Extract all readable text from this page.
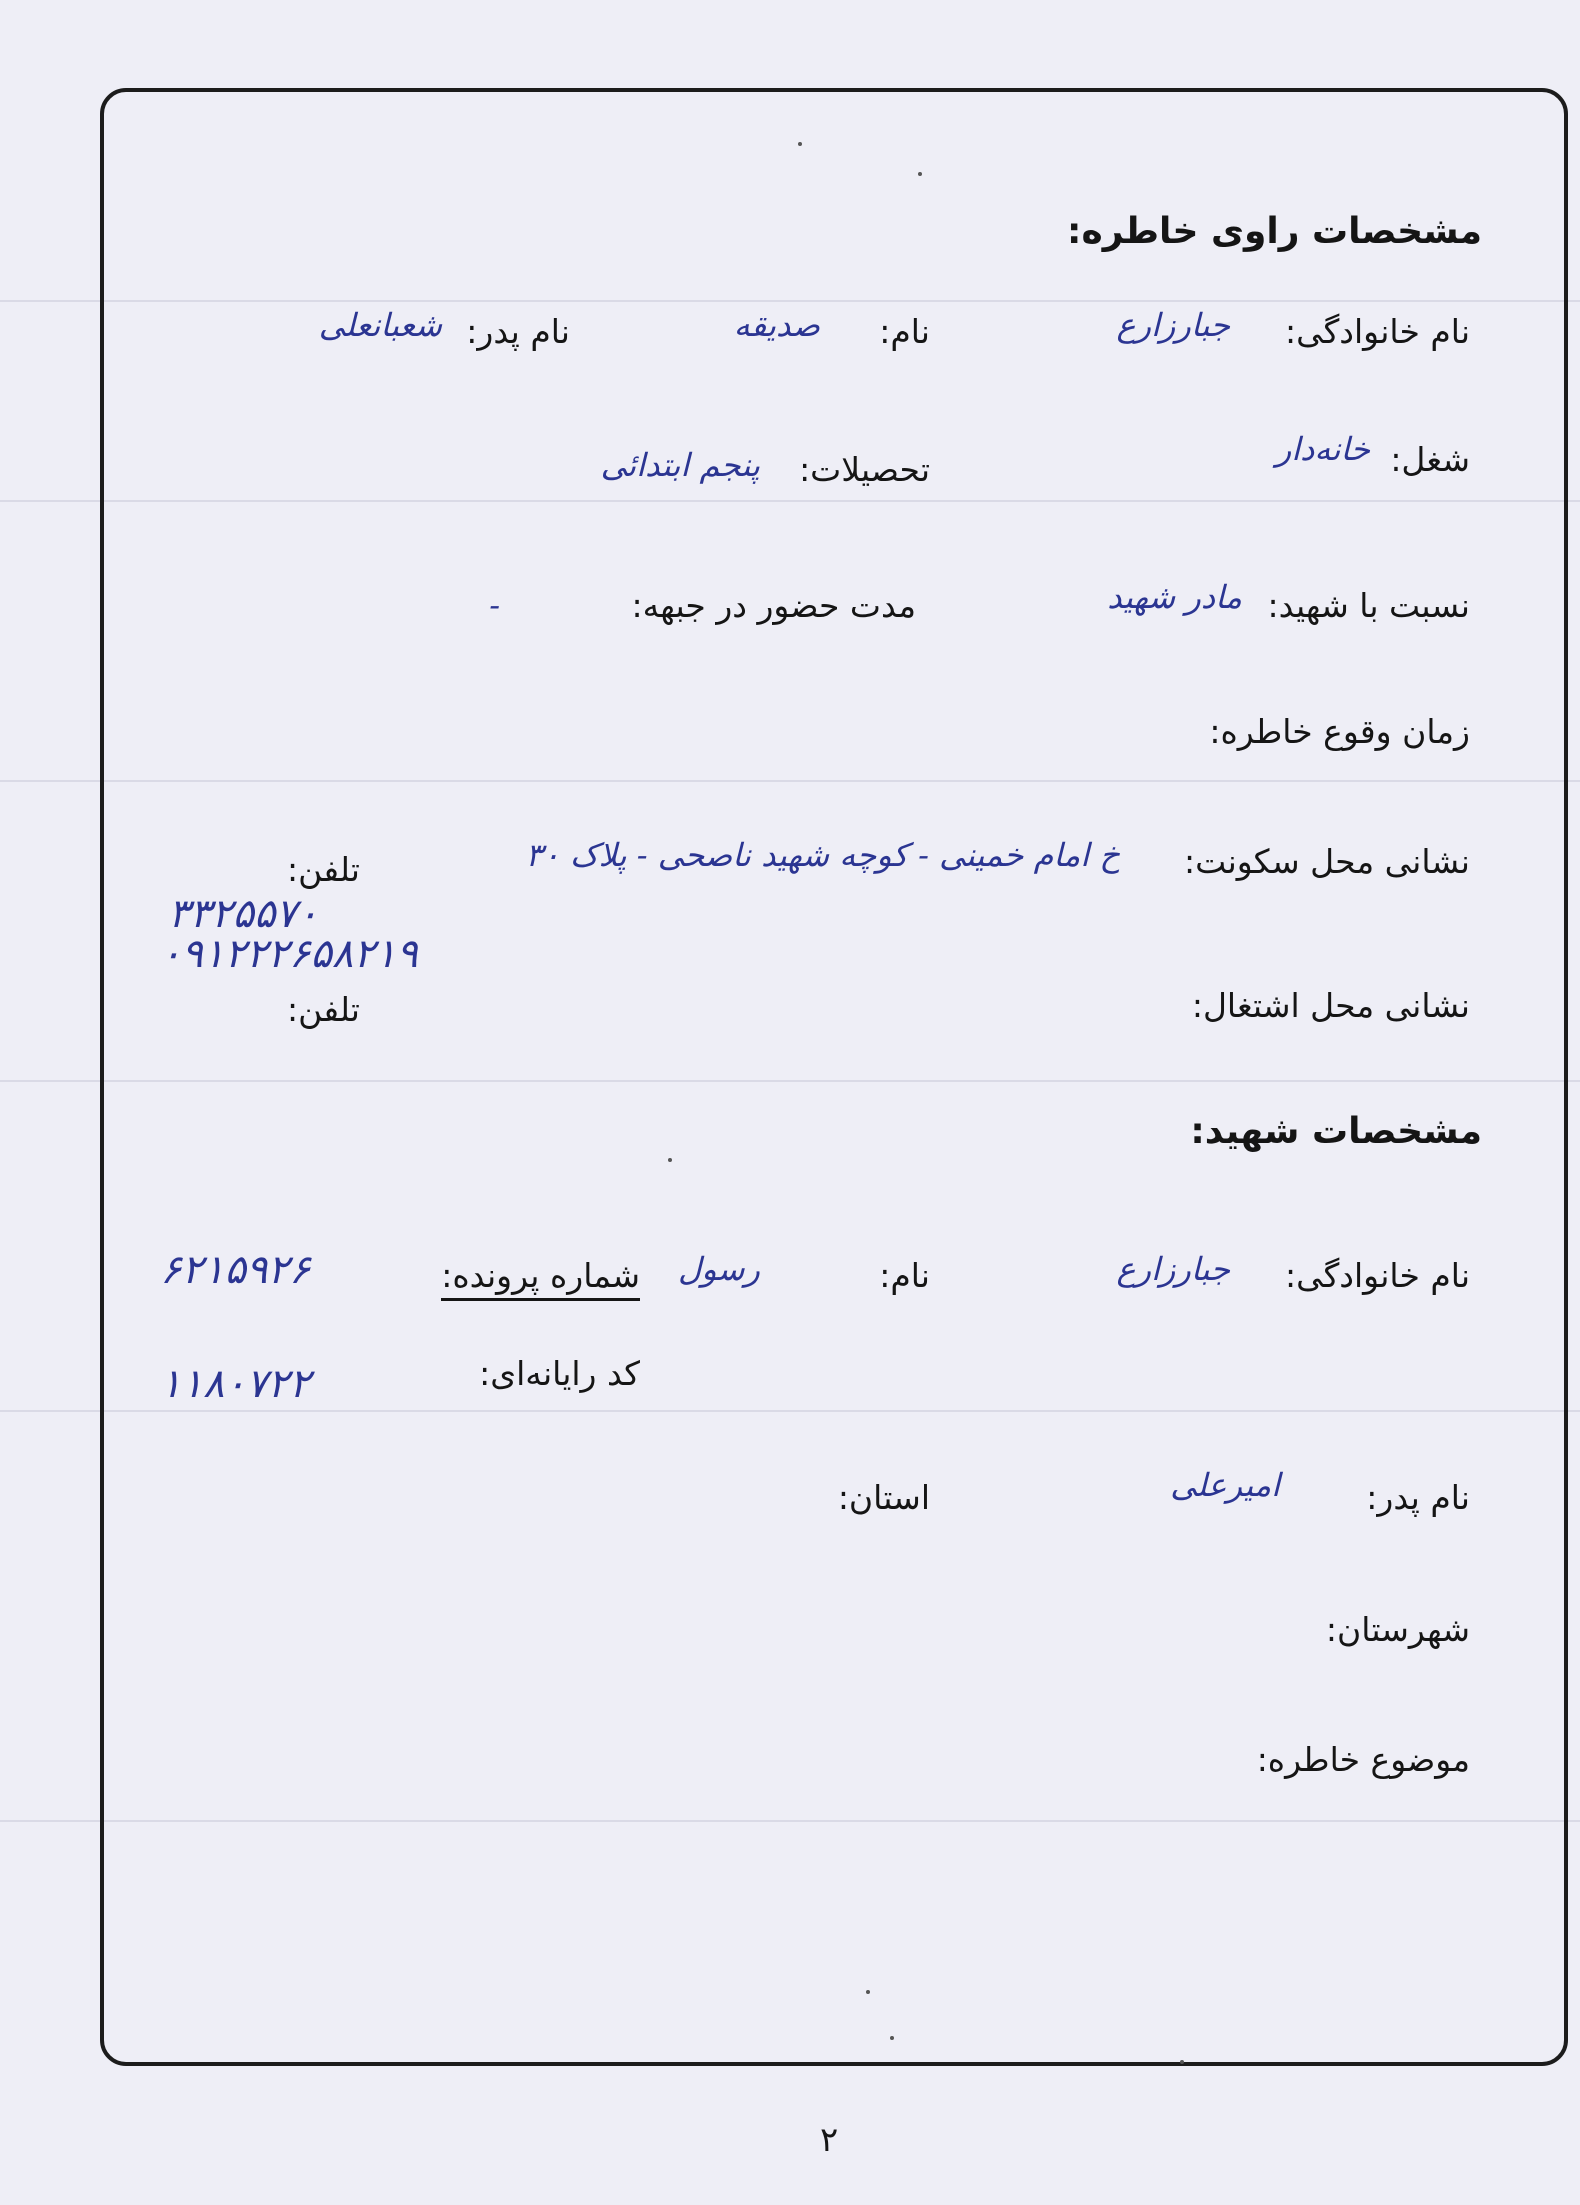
مشخصات راوی خاطره:
نام خانوادگی:
جبارزارع
نام:
صدیقه
نام پدر:
شعبانعلی
شغل:
خانه‌دار
تحصیلات:
پنجم ابتدائی
نسبت با شهید:
مادر شهید
مدت حضور در جبهه:
-
زمان وقوع خاطره:
نشانی محل سکونت:
خ امام خمینی - کوچه شهید ناصحی - پلاک ۳۰
تلفن:
۳۳۲۵۵۷۰
۰۹۱۲۲۲۶۵۸۲۱۹
نشانی محل اشتغال:
تلفن:
مشخصات شهید:
نام خانوادگی:
جبارزارع
نام:
رسول
شماره پرونده:
۶۲۱۵۹۲۶
کد رایانه‌ای:
۱۱۸۰۷۲۲
نام پدر:
امیرعلی
استان:
شهرستان:
موضوع خاطره:
۲
